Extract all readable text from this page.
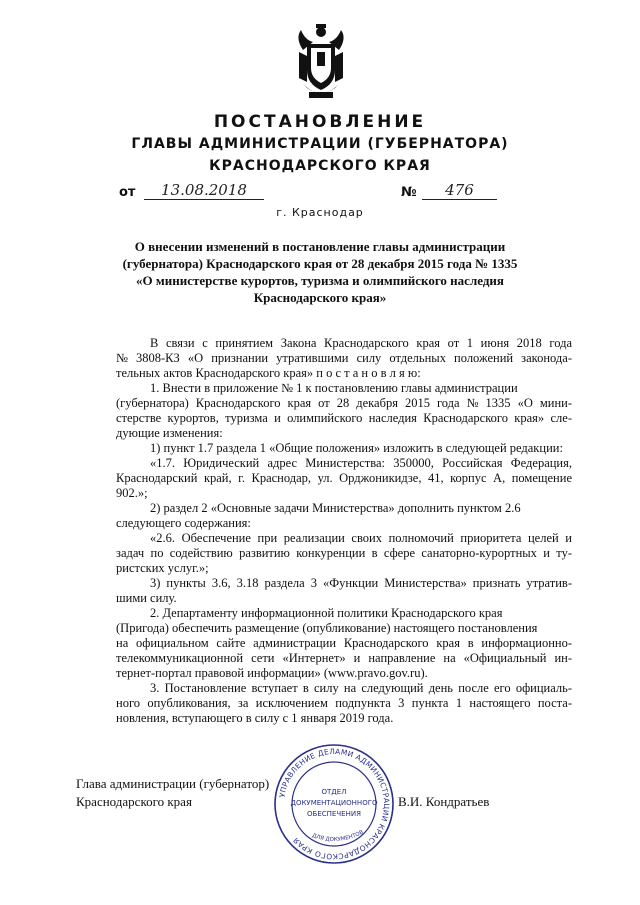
ПОСТАНОВЛЕНИЕ
ГЛАВЫ АДМИНИСТРАЦИИ (ГУБЕРНАТОРА)
КРАСНОДАРСКОГО КРАЯ
от	13.08.2018	№	476
г. Краснодар
О внесении изменений в постановление главы администрации
(губернатора) Краснодарского края от 28 декабря 2015 года № 1335
«О министерстве курортов, туризма и олимпийского наследия
Краснодарского края»
В связи с принятием Закона Краснодарского края от 1 июня 2018 года
№ 3808-КЗ «О признании утратившими силу отдельных положений законода-
тельных актов Краснодарского края» п о с т а н о в л я ю:
1. Внести в приложение № 1 к постановлению главы администрации
(губернатора) Краснодарского края от 28 декабря 2015 года № 1335 «О мини-
стерстве курортов, туризма и олимпийского наследия Краснодарского края» сле-
дующие изменения:
1) пункт 1.7 раздела 1 «Общие положения» изложить в следующей редакции:
«1.7. Юридический адрес Министерства: 350000, Российская Федерация,
Краснодарский край, г. Краснодар, ул. Орджоникидзе, 41, корпус А, помещение
902.»;
2) раздел 2 «Основные задачи Министерства» дополнить пунктом 2.6
следующего содержания:
«2.6. Обеспечение при реализации своих полномочий приоритета целей и
задач по содействию развитию конкуренции в сфере санаторно-курортных и ту-
ристских услуг.»;
3) пункты 3.6, 3.18 раздела 3 «Функции Министерства» признать утратив-
шими силу.
2. Департаменту информационной политики Краснодарского края
(Пригода) обеспечить размещение (опубликование) настоящего постановления
на официальном сайте администрации Краснодарского края в информационно-
телекоммуникационной сети «Интернет» и направление на «Официальный ин-
тернет-портал правовой информации» (www.pravo.gov.ru).
3. Постановление вступает в силу на следующий день после его официаль-
ного опубликования, за исключением подпункта 3 пункта 1 настоящего поста-
новления, вступающего в силу с 1 января 2019 года.
Глава администрации (губернатор)
Краснодарского края	В.И. Кондратьев
УПРАВЛЕНИЕ ДЕЛАМИ АДМИНИСТРАЦИИ КРАСНОДАРСКОГО КРАЯ
ОТДЕЛ
ДОКУМЕНТАЦИОННОГО
ОБЕСПЕЧЕНИЯ
ДЛЯ ДОКУМЕНТОВ
